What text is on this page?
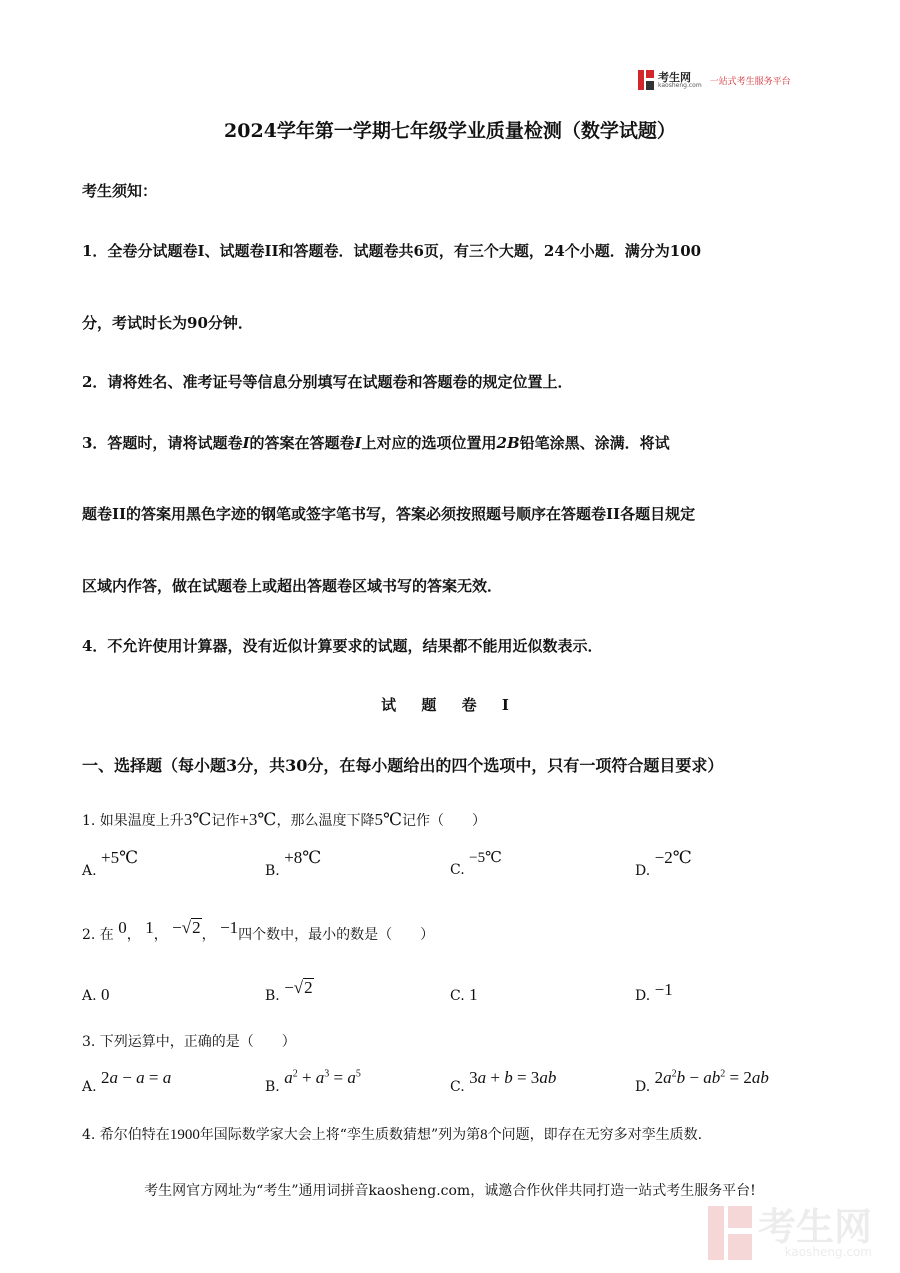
考生网
kaosheng.com 一站式考生服务平台
2024学年第一学期七年级学业质量检测（数学试题）
考生须知：
1．全卷分试题卷I、试题卷II和答题卷．试题卷共6页，有三个大题，24个小题．满分为100
分，考试时长为90分钟．
2．请将姓名、准考证号等信息分别填写在试题卷和答题卷的规定位置上．
3．答题时，请将试题卷I的答案在答题卷I上对应的选项位置用2B铅笔涂黑、涂满．将试
题卷II的答案用黑色字迹的钢笔或签字笔书写，答案必须按照题号顺序在答题卷II各题目规定
区域内作答，做在试题卷上或超出答题卷区域书写的答案无效．
4．不允许使用计算器，没有近似计算要求的试题，结果都不能用近似数表示．
试 题 卷 I
一、选择题（每小题3分，共30分，在每小题给出的四个选项中，只有一项符合题目要求）
1. 如果温度上升3℃记作+3℃，那么温度下降5℃记作（　　）
A. +5℃
B. +8℃
C. −5℃
D. −2℃
2. 在 0， 1， −√2， −1四个数中，最小的数是（　　）
A. 0	B. −√2	C. 1	D. −1
3. 下列运算中，正确的是（　　）
A. 2a − a = a	B. $a^2 + a^3 = a^5$
C. 3a + b = 3ab	D. $2a^2b - ab^2 = 2ab$
4. 希尔伯特在1900年国际数学家大会上将“孪生质数猜想”列为第8个问题，即存在无穷多对孪生质数.
考生网官方网址为“考生”通用词拼音kaosheng.com，诚邀合作伙伴共同打造一站式考生服务平台!
考生网
kaosheng.com
